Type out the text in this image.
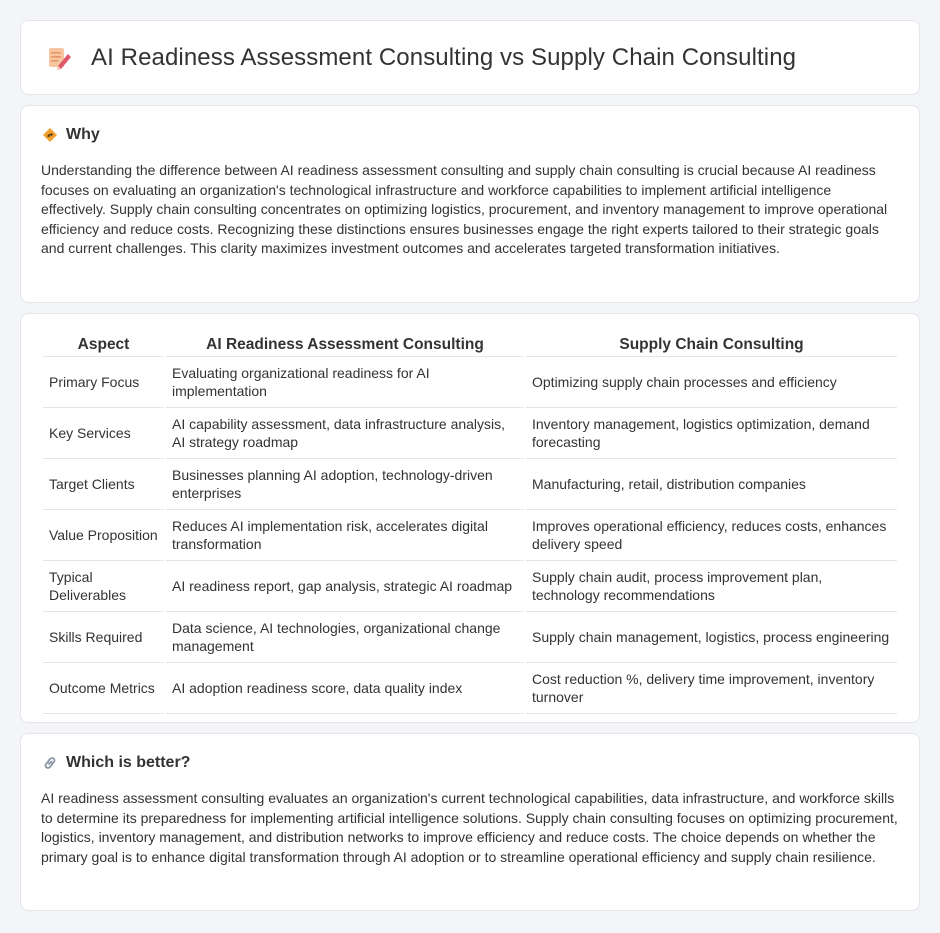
AI Readiness Assessment Consulting vs Supply Chain Consulting
Why

Understanding the difference between AI readiness assessment consulting and supply chain consulting is crucial because AI readiness focuses on evaluating an organization's technological infrastructure and workforce capabilities to implement artificial intelligence effectively. Supply chain consulting concentrates on optimizing logistics, procurement, and inventory management to improve operational efficiency and reduce costs. Recognizing these distinctions ensures businesses engage the right experts tailored to their strategic goals and current challenges. This clarity maximizes investment outcomes and accelerates targeted transformation initiatives.

Aspect	AI Readiness Assessment Consulting	Supply Chain Consulting
Primary Focus	Evaluating organizational readiness for AI implementation	Optimizing supply chain processes and efficiency
Key Services	AI capability assessment, data infrastructure analysis, AI strategy roadmap	Inventory management, logistics optimization, demand forecasting
Target Clients	Businesses planning AI adoption, technology-driven enterprises	Manufacturing, retail, distribution companies
Value Proposition	Reduces AI implementation risk, accelerates digital transformation	Improves operational efficiency, reduces costs, enhances delivery speed
Typical Deliverables	AI readiness report, gap analysis, strategic AI roadmap	Supply chain audit, process improvement plan, technology recommendations
Skills Required	Data science, AI technologies, organizational change management	Supply chain management, logistics, process engineering
Outcome Metrics	AI adoption readiness score, data quality index	Cost reduction %, delivery time improvement, inventory turnover
Which is better?

AI readiness assessment consulting evaluates an organization's current technological capabilities, data infrastructure, and workforce skills to determine its preparedness for implementing artificial intelligence solutions. Supply chain consulting focuses on optimizing procurement, logistics, inventory management, and distribution networks to improve efficiency and reduce costs. The choice depends on whether the primary goal is to enhance digital transformation through AI adoption or to streamline operational efficiency and supply chain resilience.
